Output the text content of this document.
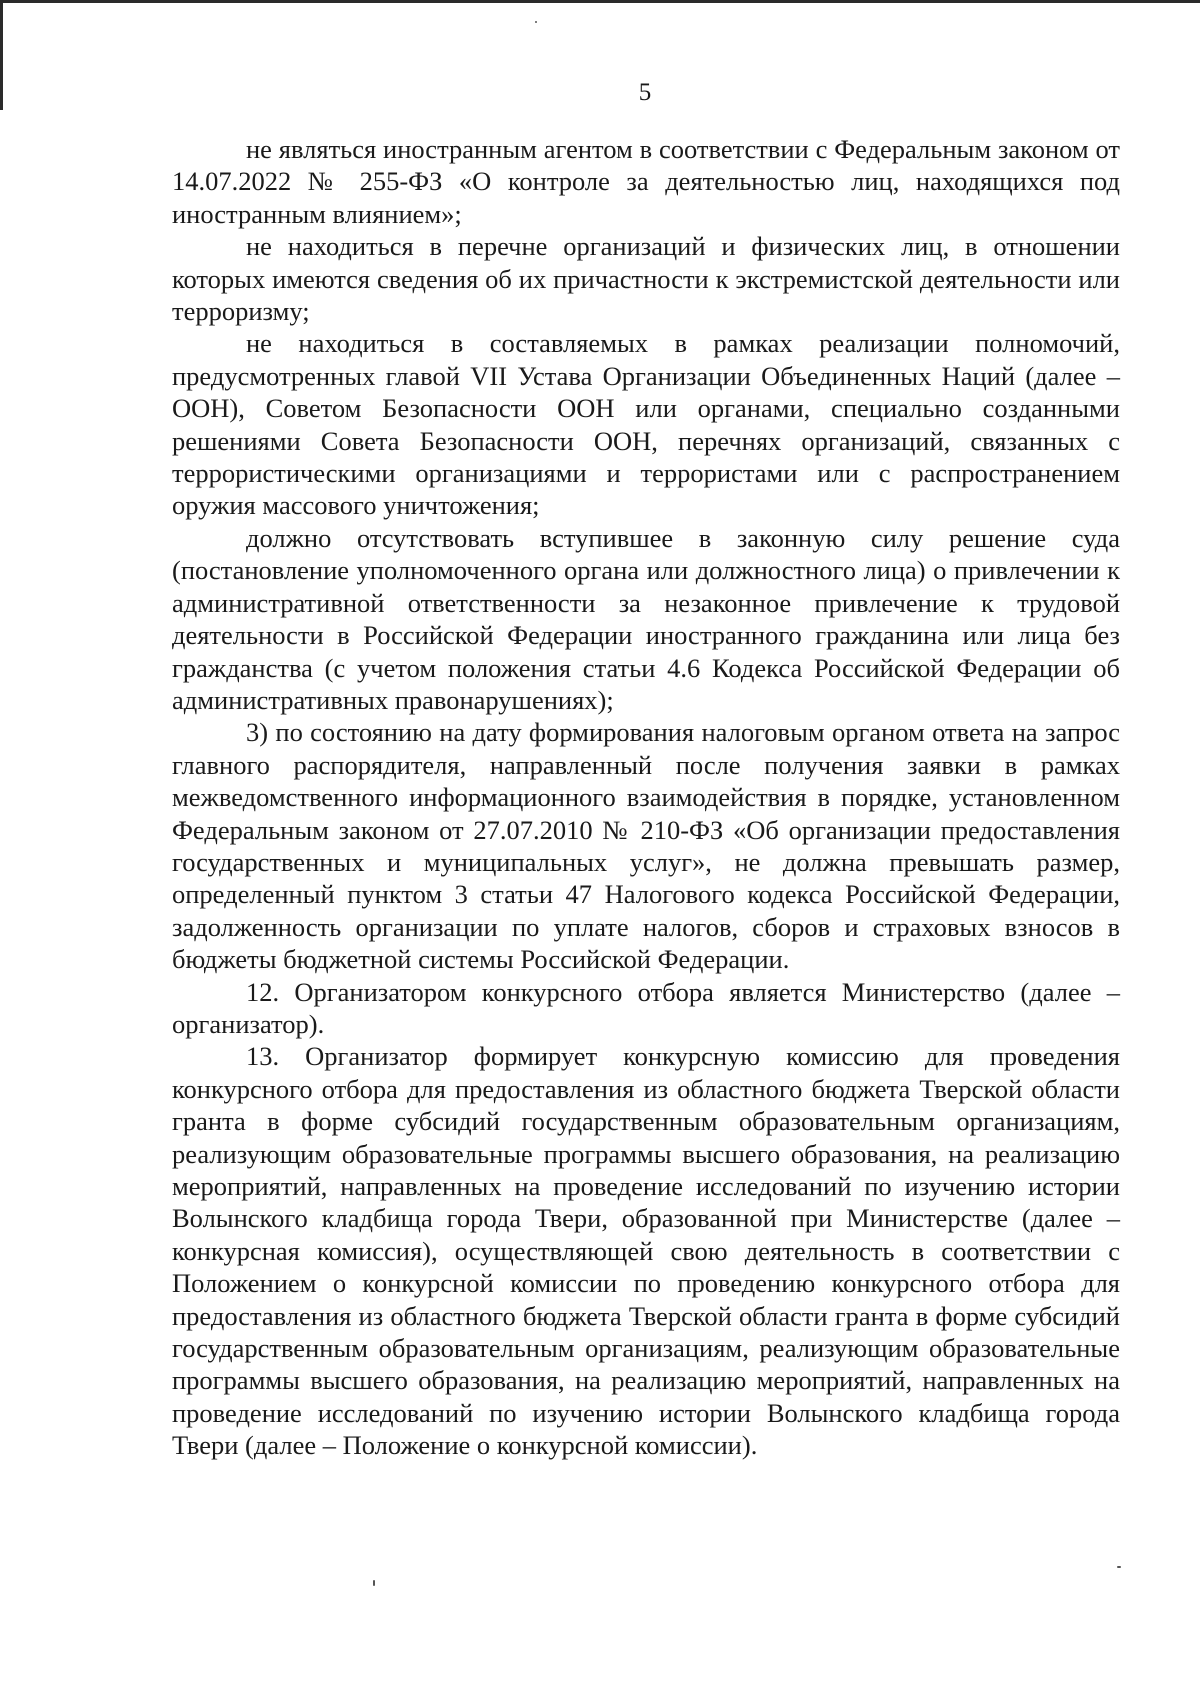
5

не являться иностранным агентом в соответствии с Федеральным законом от 14.07.2022 № 255-ФЗ «О контроле за деятельностью лиц, находящихся под иностранным влиянием»;

не находиться в перечне организаций и физических лиц, в отношении которых имеются сведения об их причастности к экстремистской деятельности или терроризму;

не находиться в составляемых в рамках реализации полномочий, предусмотренных главой VII Устава Организации Объединенных Наций (далее – ООН), Советом Безопасности ООН или органами, специально созданными решениями Совета Безопасности ООН, перечнях организаций, связанных с террористическими организациями и террористами или с распространением оружия массового уничтожения;

должно отсутствовать вступившее в законную силу решение суда (постановление уполномоченного органа или должностного лица) о привлечении к административной ответственности за незаконное привлечение к трудовой деятельности в Российской Федерации иностранного гражданина или лица без гражданства (с учетом положения статьи 4.6 Кодекса Российской Федерации об административных правонарушениях);

3) по состоянию на дату формирования налоговым органом ответа на запрос главного распорядителя, направленный после получения заявки в рамках межведомственного информационного взаимодействия в порядке, установленном Федеральным законом от 27.07.2010 № 210-ФЗ «Об организации предоставления государственных и муниципальных услуг», не должна превышать размер, определенный пунктом 3 статьи 47 Налогового кодекса Российской Федерации, задолженность организации по уплате налогов, сборов и страховых взносов в бюджеты бюджетной системы Российской Федерации.

12. Организатором конкурсного отбора является Министерство (далее – организатор).

13. Организатор формирует конкурсную комиссию для проведения конкурсного отбора для предоставления из областного бюджета Тверской области гранта в форме субсидий государственным образовательным организациям, реализующим образовательные программы высшего образования, на реализацию мероприятий, направленных на проведение исследований по изучению истории Волынского кладбища города Твери, образованной при Министерстве (далее – конкурсная комиссия), осуществляющей свою деятельность в соответствии с Положением о конкурсной комиссии по проведению конкурсного отбора для предоставления из областного бюджета Тверской области гранта в форме субсидий государственным образовательным организациям, реализующим образовательные программы высшего образования, на реализацию мероприятий, направленных на проведение исследований по изучению истории Волынского кладбища города Твери (далее – Положение о конкурсной комиссии).
